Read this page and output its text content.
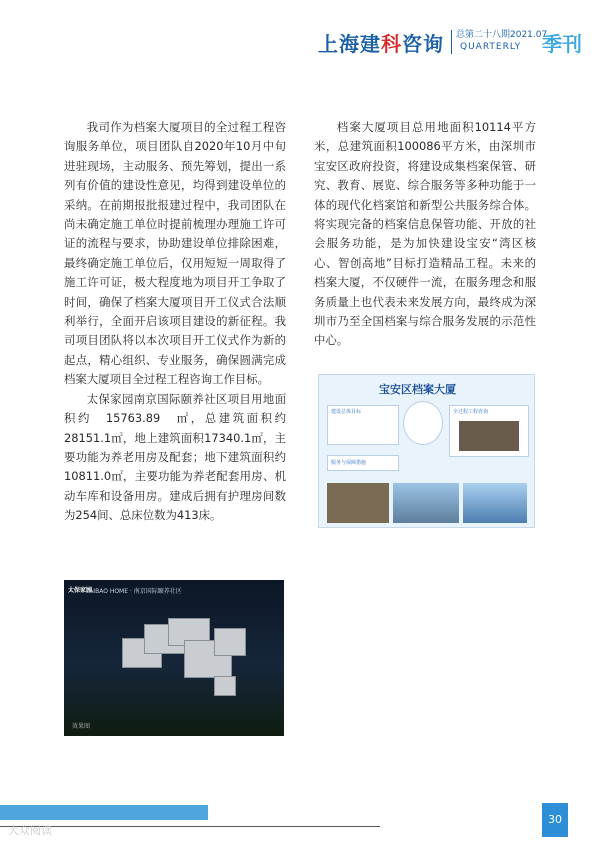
上海建科咨询 总第二十八期2021.07
QUARTERLY 季刊

我司作为档案大厦项目的全过程工程咨询服务单位，项目团队自2020年10月中旬进驻现场，主动服务、预先筹划，提出一系列有价值的建设性意见，均得到建设单位的采纳。在前期报批报建过程中，我司团队在尚未确定施工单位时提前梳理办理施工许可证的流程与要求，协助建设单位排除困难，最终确定施工单位后，仅用短短一周取得了施工许可证，极大程度地为项目开工争取了时间，确保了档案大厦项目开工仪式合法顺利举行，全面开启该项目建设的新征程。我司项目团队将以本次项目开工仪式作为新的起点，精心组织、专业服务，确保圆满完成档案大厦项目全过程工程咨询工作目标。

太保家园南京国际颐养社区项目用地面积约　15763.89　㎡，总建筑面积约28151.1㎡，地上建筑面积17340.1㎡，主要功能为养老用房及配套；地下建筑面积约10811.0㎡，主要功能为养老配套用房、机动车库和设备用房。建成后拥有护理房间数为254间、总床位数为413床。

档案大厦项目总用地面积10114平方米，总建筑面积100086平方米，由深圳市宝安区政府投资，将建设成集档案保管、研究、教育、展览、综合服务等多种功能于一体的现代化档案馆和新型公共服务综合体。将实现完备的档案信息保管功能、开放的社会服务功能，是为加快建设宝安“湾区核心、智创高地”目标打造精品工程。未来的档案大厦，不仅硬件一流，在服务理念和服务质量上也代表未来发展方向，最终成为深圳市乃至全国档案与综合服务发展的示范性中心。

宝安区档案大厦
建设总体目标	全过程工程咨询
服务与保障措施
太保家园
TAIBAO HOME · 南京国际颐养社区
效果图
大众阅读
30
